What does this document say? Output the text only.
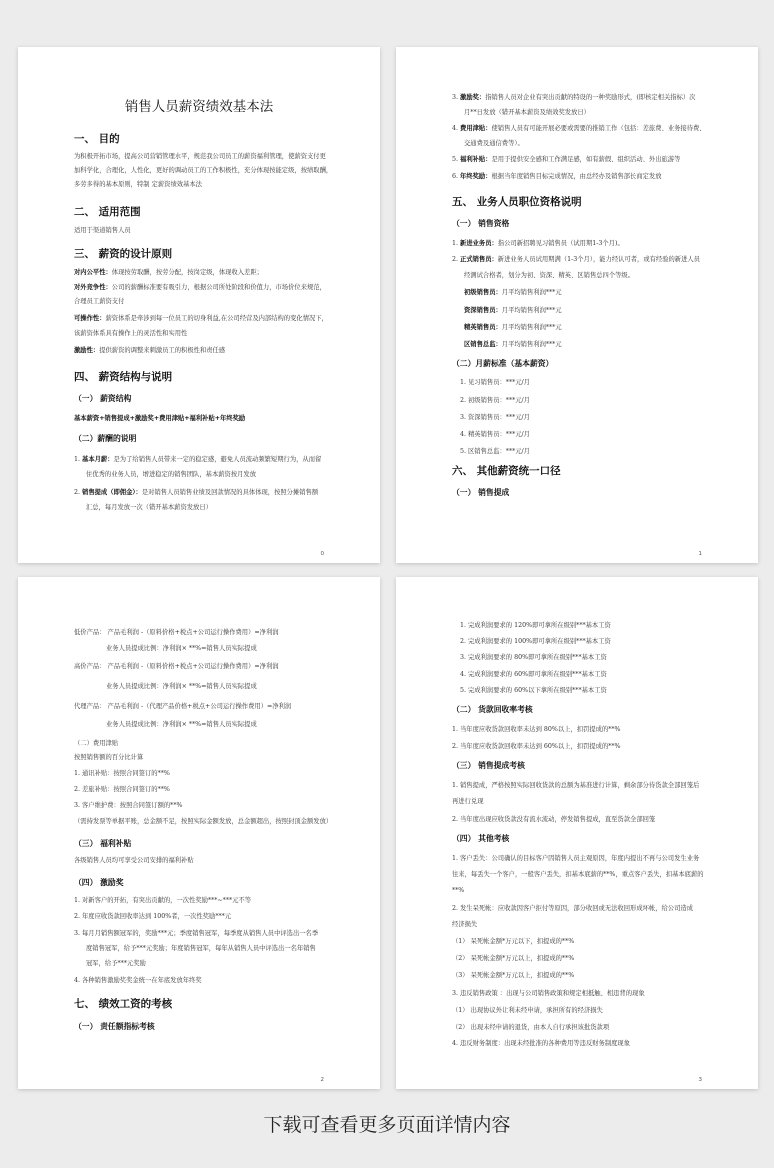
销售人员薪资绩效基本法
一、 目的
为积极开拓市场，提高公司营销管理水平，规范我公司员工的薪资福利管理，使薪资支付更
加科学化，合理化，人性化，更好的调动员工的工作积极性，充分体现按能定级，按绩取酬，
多劳多得的基本原则，特制 定薪资绩效基本法
二、 适用范围
适用于渠道销售人员
三、 薪资的设计原则
对内公平性：体现按劳取酬，按劳分配，按岗定级，体现收入差距；
对外竞争性：公司的薪酬标准要有吸引力，根据公司所处阶段和价值力，市场价位来规范，
合理员工薪资支付
可操作性：薪资体系是牵涉到每一位员工的切身利益,在公司经营及内部结构的变化情况下，
该薪资体系具有操作上的灵活性和实用性
激励性：提供薪资的调整来刺激员工的积极性和责任感
四、 薪资结构与说明
（一） 薪资结构
基本薪资+销售提成+激励奖+费用津贴+福利补贴+年终奖励
（二）薪酬的说明
1. 基本月薪：是为了给销售人员带来一定的稳定感，避免人员流动频繁短期行为，从而留
住优秀的业务人员，增进稳定的销售团队，基本薪资按月发放
2. 销售提成（即佣金）：是对销售人员销售业绩及回款情况的具体体现，按照分摊销售额
汇总，每月发放一次（错开基本薪资发放日）
0
3. 激励奖：指销售人员对企业有突出贡献的特设的一种奖励形式，(即核定相关指标）次
月**日发放（错开基本薪资及绩效奖发放日）
4. 费用津贴：使销售人员有可能开展必要或需要的推销工作（包括：差旅费、业务接待费、
交通费及通信费等）。
5. 福利补贴：是用于提供安全感和工作满足感，如有薪假、组织活动、外出旅游等
6. 年终奖励：根据当年度销售目标完成情况，由总经办及销售部长商定发放
五、 业务人员职位资格说明
（一） 销售资格
1. 新进业务员：指公司新招聘见习销售员（试用期1-3个月)。
2. 正式销售员：新进业务人员试用期满（1-3个月），能力经认可者，或有经验的新进人员
经测试合格者，划分为初、资深、精英、区销售总四个等级。
初级销售员：月平均销售利润***元
资深销售员：月平均销售利润***元
精英销售员：月平均销售利润***元
区销售总监：月平均销售利润***元
（二）月薪标准（基本薪资）
1. 见习销售员：***元/月
2. 初级销售员：***元/月
3. 资深销售员：***元/月
4. 精英销售员：***元/月
5. 区销售总监：***元/月
六、 其他薪资统一口径
（一） 销售提成
1
低价产品： 产品毛利润 -（原料价格+税点+公司运行操作费用）=净利润
业务人员提成比例：净利润× **%=销售人员实际提成
高价产品： 产品毛利润 -（原料价格+税点+公司运行操作费用）=净利润
业务人员提成比例：净利润× **%=销售人员实际提成
代理产品： 产品毛利润 -（代理产品价格+税点+公司运行操作费用）=净利润
业务人员提成比例：净利润× **%=销售人员实际提成
（二）费用津贴
按照销售额的百分比计算
1. 通讯补贴：按照合同签订的**%
2. 差旅补贴：按照合同签订的**%
3. 客户维护费：按照合同签订额的**%
（需持发票等单据平账，总金额不足，按照实际金额发放，总金额超出，按照封顶金额发放）
（三） 福利补贴
各级销售人员均可享受公司安排的福利补贴
（四） 激励奖
1. 对新客户的开拓，有突出贡献的，一次性奖励***~***元不等
2. 年度应收货款回收率达到 100%者，一次性奖励***元
3. 每月月销售额冠军的，奖励***元；季度销售冠军，每季度从销售人员中评选出一名季
度销售冠军，给予***元奖励；年度销售冠军，每年从销售人员中评选出一名年销售
冠军，给予***元奖励
4. 各种销售激励奖奖金统一在年底发放年终奖
七、 绩效工资的考核
（一） 责任额指标考核
2
1. 完成利润要求的 120%即可拿所在级别***基本工资
2. 完成利润要求的 100%即可拿所在级别***基本工资
3. 完成利润要求的 80%即可拿所在级别***基本工资
4. 完成利润要求的 60%即可拿所在级别***基本工资
5. 完成利润要求的 60%以下拿所在级别***基本工资
（二） 货款回收率考核
1. 当年度应收货款回收率未达到 80%以上，扣罚提成的**%
2. 当年度应收货款回收率未达到 60%以上，扣罚提成的**%
（三） 销售提成考核
1. 销售提成，严格按照实际回收货款的总额为基准进行计算，剩余部分待货款全部回笼后
再进行兑现
2. 当年度出现应收货款没有流水流动，停发销售提成，直至货款全部回笼
（四） 其他考核
1. 客户丢失：公司确认的目标客户因销售人员主观原因，年度内提出不再与公司发生业务
往来，每丢失一个客户，一般客户丢失，扣基本底薪的**%，重点客户丢失，扣基本底薪的
**%
2. 发生呆死帐：应收款因客户拒付等原因，部分收回或无法收回形成坏帐，给公司造成
经济损失
（1） 呆死帐金额*万元以下，扣提成的**%
（2） 呆死帐金额*万元以上，扣提成的**%
（3） 呆死帐金额*万元以上，扣提成的**%
3. 违反销售政策 ：出现与公司销售政策和规定相抵触、相违背的现象
（1） 出现协议外让利未经申请，承担所有的经济损失
（2） 出现未经申请的退货，由本人自行承担该批货款项
4. 违反财务制度：出现未经批准的各种费用等违反财务制度现象
3
下载可查看更多页面详情内容
